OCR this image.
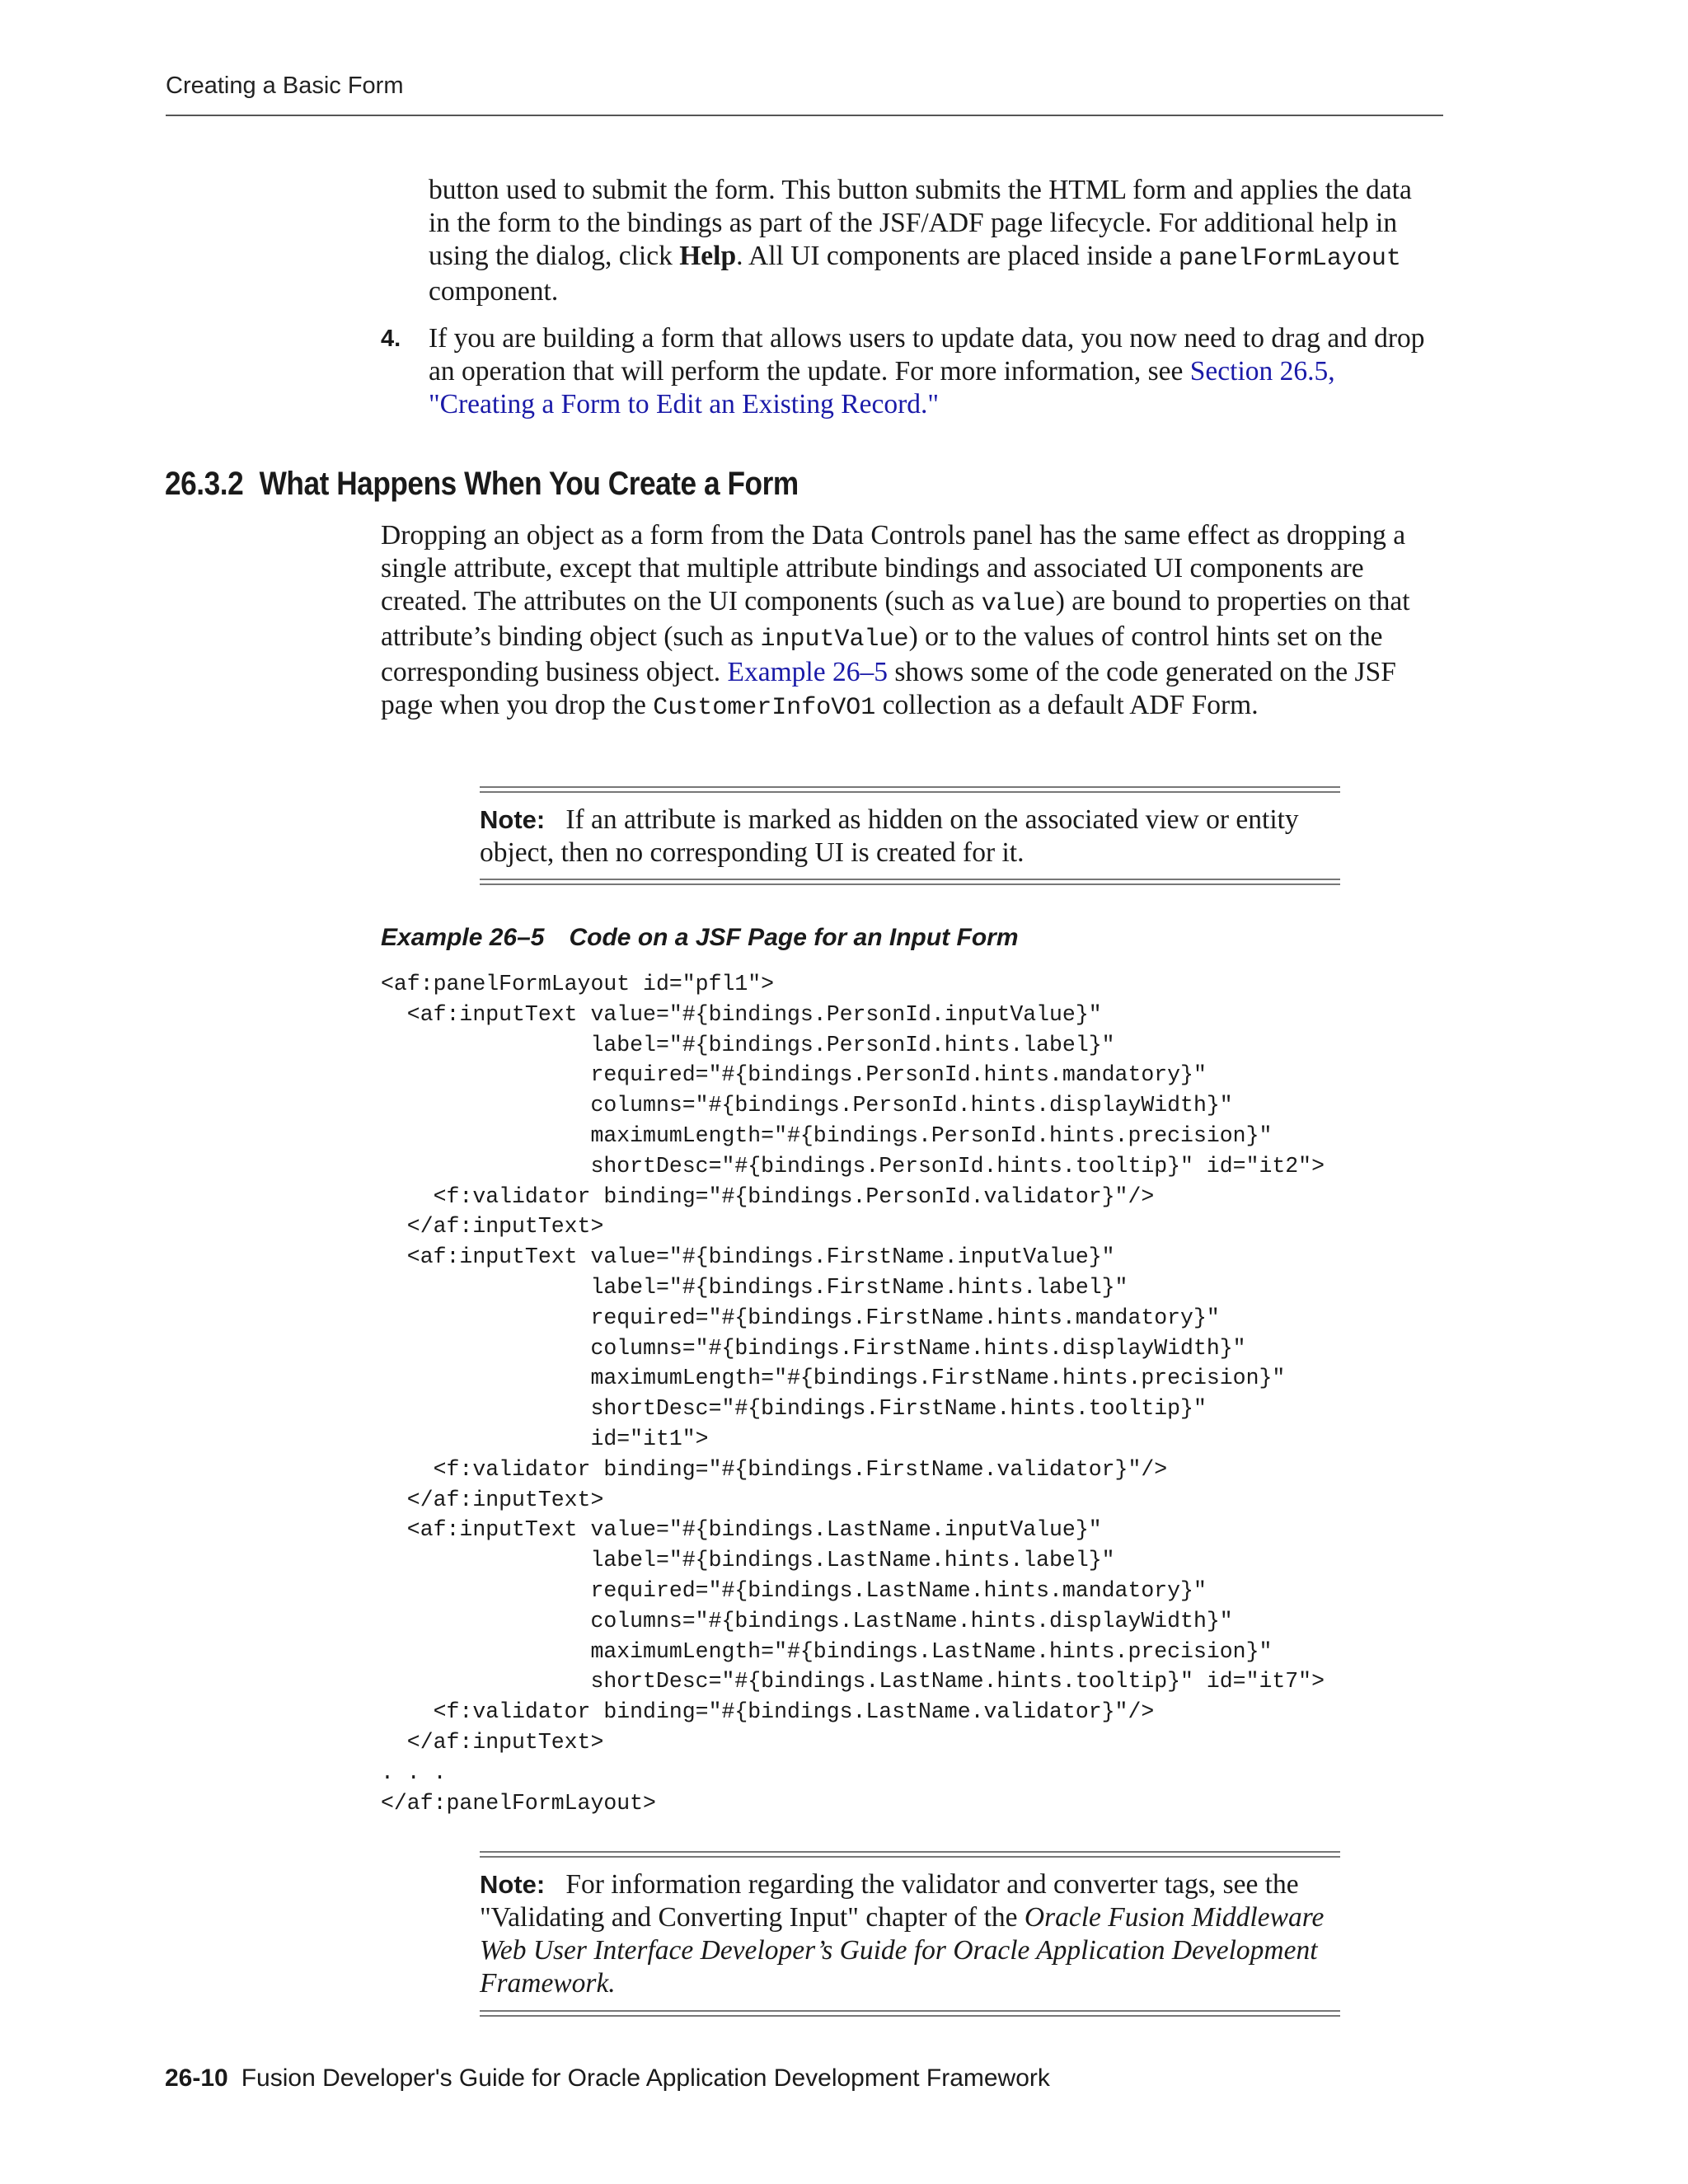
Creating a Basic Form

button used to submit the form. This button submits the HTML form and applies the data in the form to the bindings as part of the JSF/ADF page lifecycle. For additional help in using the dialog, click Help. All UI components are placed inside a panelFormLayout component.

4. If you are building a form that allows users to update data, you now need to drag and drop an operation that will perform the update. For more information, see Section 26.5, "Creating a Form to Edit an Existing Record."

26.3.2 What Happens When You Create a Form

Dropping an object as a form from the Data Controls panel has the same effect as dropping a single attribute, except that multiple attribute bindings and associated UI components are created. The attributes on the UI components (such as value) are bound to properties on that attribute’s binding object (such as inputValue) or to the values of control hints set on the corresponding business object. Example 26–5 shows some of the code generated on the JSF page when you drop the CustomerInfoVO1 collection as a default ADF Form.

Note: If an attribute is marked as hidden on the associated view or entity object, then no corresponding UI is created for it.

Example 26–5 Code on a JSF Page for an Input Form
<af:panelFormLayout id="pfl1">
<af:inputText value="#{bindings.PersonId.inputValue}"
label="#{bindings.PersonId.hints.label}"
required="#{bindings.PersonId.hints.mandatory}"
columns="#{bindings.PersonId.hints.displayWidth}"
maximumLength="#{bindings.PersonId.hints.precision}"
shortDesc="#{bindings.PersonId.hints.tooltip}" id="it2">
<f:validator binding="#{bindings.PersonId.validator}"/>
</af:inputText>
<af:inputText value="#{bindings.FirstName.inputValue}"
label="#{bindings.FirstName.hints.label}"
required="#{bindings.FirstName.hints.mandatory}"
columns="#{bindings.FirstName.hints.displayWidth}"
maximumLength="#{bindings.FirstName.hints.precision}"
shortDesc="#{bindings.FirstName.hints.tooltip}"
id="it1">
<f:validator binding="#{bindings.FirstName.validator}"/>
</af:inputText>
<af:inputText value="#{bindings.LastName.inputValue}"
label="#{bindings.LastName.hints.label}"
required="#{bindings.LastName.hints.mandatory}"
columns="#{bindings.LastName.hints.displayWidth}"
maximumLength="#{bindings.LastName.hints.precision}"
shortDesc="#{bindings.LastName.hints.tooltip}" id="it7">
<f:validator binding="#{bindings.LastName.validator}"/>
</af:inputText>
. . .
</af:panelFormLayout>

Note: For information regarding the validator and converter tags, see the "Validating and Converting Input" chapter of the Oracle Fusion Middleware Web User Interface Developer’s Guide for Oracle Application Development Framework.

26-10 Fusion Developer's Guide for Oracle Application Development Framework
